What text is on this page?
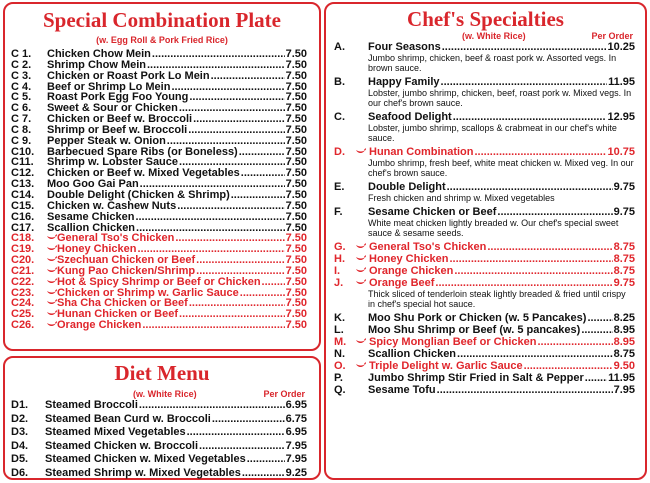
Special Combination Plate
(w. Egg Roll & Pork Fried Rice)
C 1.	Chicken Chow Mein .....	7.50
C 2.	Shrimp Chow Mein .....	7.50
C 3.	Chicken or Roast Pork Lo Mein .....	7.50
C 4.	Beef or Shrimp Lo Mein .....	7.50
C 5.	Roast Pork Egg Foo Young .....	7.50
C 6.	Sweet & Sour or Chicken .....	7.50
C 7.	Chicken or Beef w. Broccoli .....	7.50
C 8.	Shrimp or Beef w. Broccoli .....	7.50
C 9.	Pepper Steak w. Onion .....	7.50
C10.	Barbecued Spare Ribs (or Boneless) .....	7.50
C11.	Shrimp w. Lobster Sauce .....	7.50
C12.	Chicken or Beef w. Mixed Vegetables .....	7.50
C13.	Moo Goo Gai Pan .....	7.50
C14.	Double Delight (Chicken & Shrimp) .....	7.50
C15.	Chicken w. Cashew Nuts .....	7.50
C16.	Sesame Chicken .....	7.50
C17.	Scallion Chicken .....	7.50
C18.	General Tso's Chicken .....	7.50
C19.	Honey Chicken .....	7.50
C20.	Szechuan Chicken or Beef .....	7.50
C21.	Kung Pao Chicken/Shrimp .....	7.50
C22.	Hot & Spicy Shrimp or Beef or Chicken ..... 7.50
C23.	Chicken or Shrimp w. Garlic Sauce .....	7.50
C24.	Sha Cha Chicken or Beef .....	7.50
C25.	Hunan Chicken or Beef .....	7.50
C26.	Orange Chicken .....	7.50
Diet Menu
(w. White Rice)	Per Order
D1.	Steamed Broccoli .....	6.95
D2.	Steamed Bean Curd w. Broccoli .....	6.75
D3.	Steamed Mixed Vegetables .....	6.95
D4.	Steamed Chicken w. Broccoli .....	7.95
D5.	Steamed Chicken w. Mixed Vegetables .....	7.95
D6.	Steamed Shrimp w. Mixed Vegetables .....	9.25
Chef's Specialties
(w. White Rice)	Per Order
A.	Four Seasons .....	10.25
Jumbo shrimp, chicken, beef & roast pork w. Assorted vegs. In brown sauce.
B.	Happy Family .....	11.95
Lobster, jumbo shrimp, chicken, beef, roast pork w. Mixed vegs. In our chef's brown sauce.
C.	Seafood Delight .....	12.95
Lobster, jumbo shrimp, scallops & crabmeat in our chef's white sauce.
D.	Hunan Combination .....	10.75
Jumbo shrimp, fresh beef, white meat chicken w. Mixed veg. In our chef's brown sauce.
E.	Double Delight .....	9.75
Fresh chicken and shrimp w. Mixed vegetables
F.	Sesame Chicken or Beef .....	9.75
White meat chicken lightly breaded w. Our chef's special sweet sauce & sesame seeds.
G.	General Tso's Chicken .....	8.75
H.	Honey Chicken .....	8.75
I.	Orange Chicken .....	8.75
J.	Orange Beef .....	9.75
Thick sliced of tenderloin steak lightly breaded & fried until crispy in chef's special hot sauce.
K.	Moo Shu Pork or Chicken (w. 5 Pancakes) ..... 8.25
L.	Moo Shu Shrimp or Beef (w. 5 pancakes) .....	8.95
M.	Spicy Monglian Beef or Chicken .....	8.95
N.	Scallion Chicken .....	8.75
O.	Triple Delight w. Garlic Sauce .....	9.50
P.	Jumbo Shrimp Stir Fried in Salt & Pepper ..... 11.95
Q.	Sesame Tofu .....	7.95
